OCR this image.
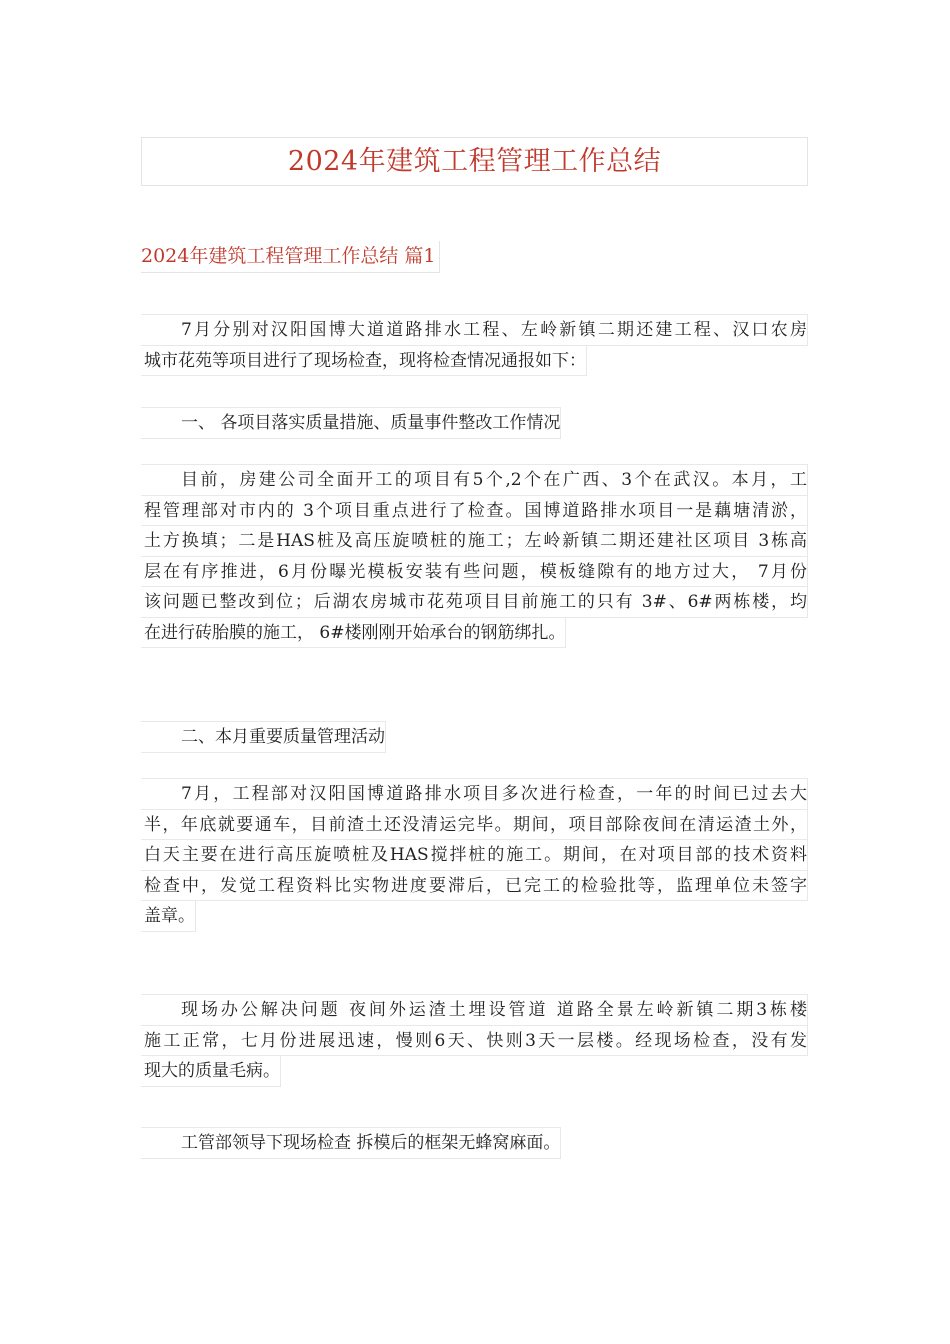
2024年建筑工程管理工作总结
2024年建筑工程管理工作总结 篇1
7月分别对汉阳国博大道道路排水工程、左岭新镇二期还建工程、汉口农房
城市花苑等项目进行了现场检查，现将检查情况通报如下：
一、 各项目落实质量措施、质量事件整改工作情况
目前，房建公司全面开工的项目有5个,2个在广西、3个在武汉。本月，工
程管理部对市内的 3个项目重点进行了检查。国博道路排水项目一是藕塘清淤，
土方换填；二是HAS桩及高压旋喷桩的施工；左岭新镇二期还建社区项目 3栋高
层在有序推进，6月份曝光模板安装有些问题，模板缝隙有的地方过大， 7月份
该问题已整改到位；后湖农房城市花苑项目目前施工的只有 3#、6#两栋楼，均
在进行砖胎膜的施工， 6#楼刚刚开始承台的钢筋绑扎。
二、本月重要质量管理活动
7月，工程部对汉阳国博道路排水项目多次进行检查，一年的时间已过去大
半，年底就要通车，目前渣土还没清运完毕。期间，项目部除夜间在清运渣土外，
白天主要在进行高压旋喷桩及HAS搅拌桩的施工。期间，在对项目部的技术资料
检查中，发觉工程资料比实物进度要滞后，已完工的检验批等，监理单位未签字
盖章。
现场办公解决问题 夜间外运渣土埋设管道 道路全景左岭新镇二期3栋楼
施工正常，七月份进展迅速，慢则6天、快则3天一层楼。经现场检查，没有发
现大的质量毛病。
工管部领导下现场检查 拆模后的框架无蜂窝麻面。
